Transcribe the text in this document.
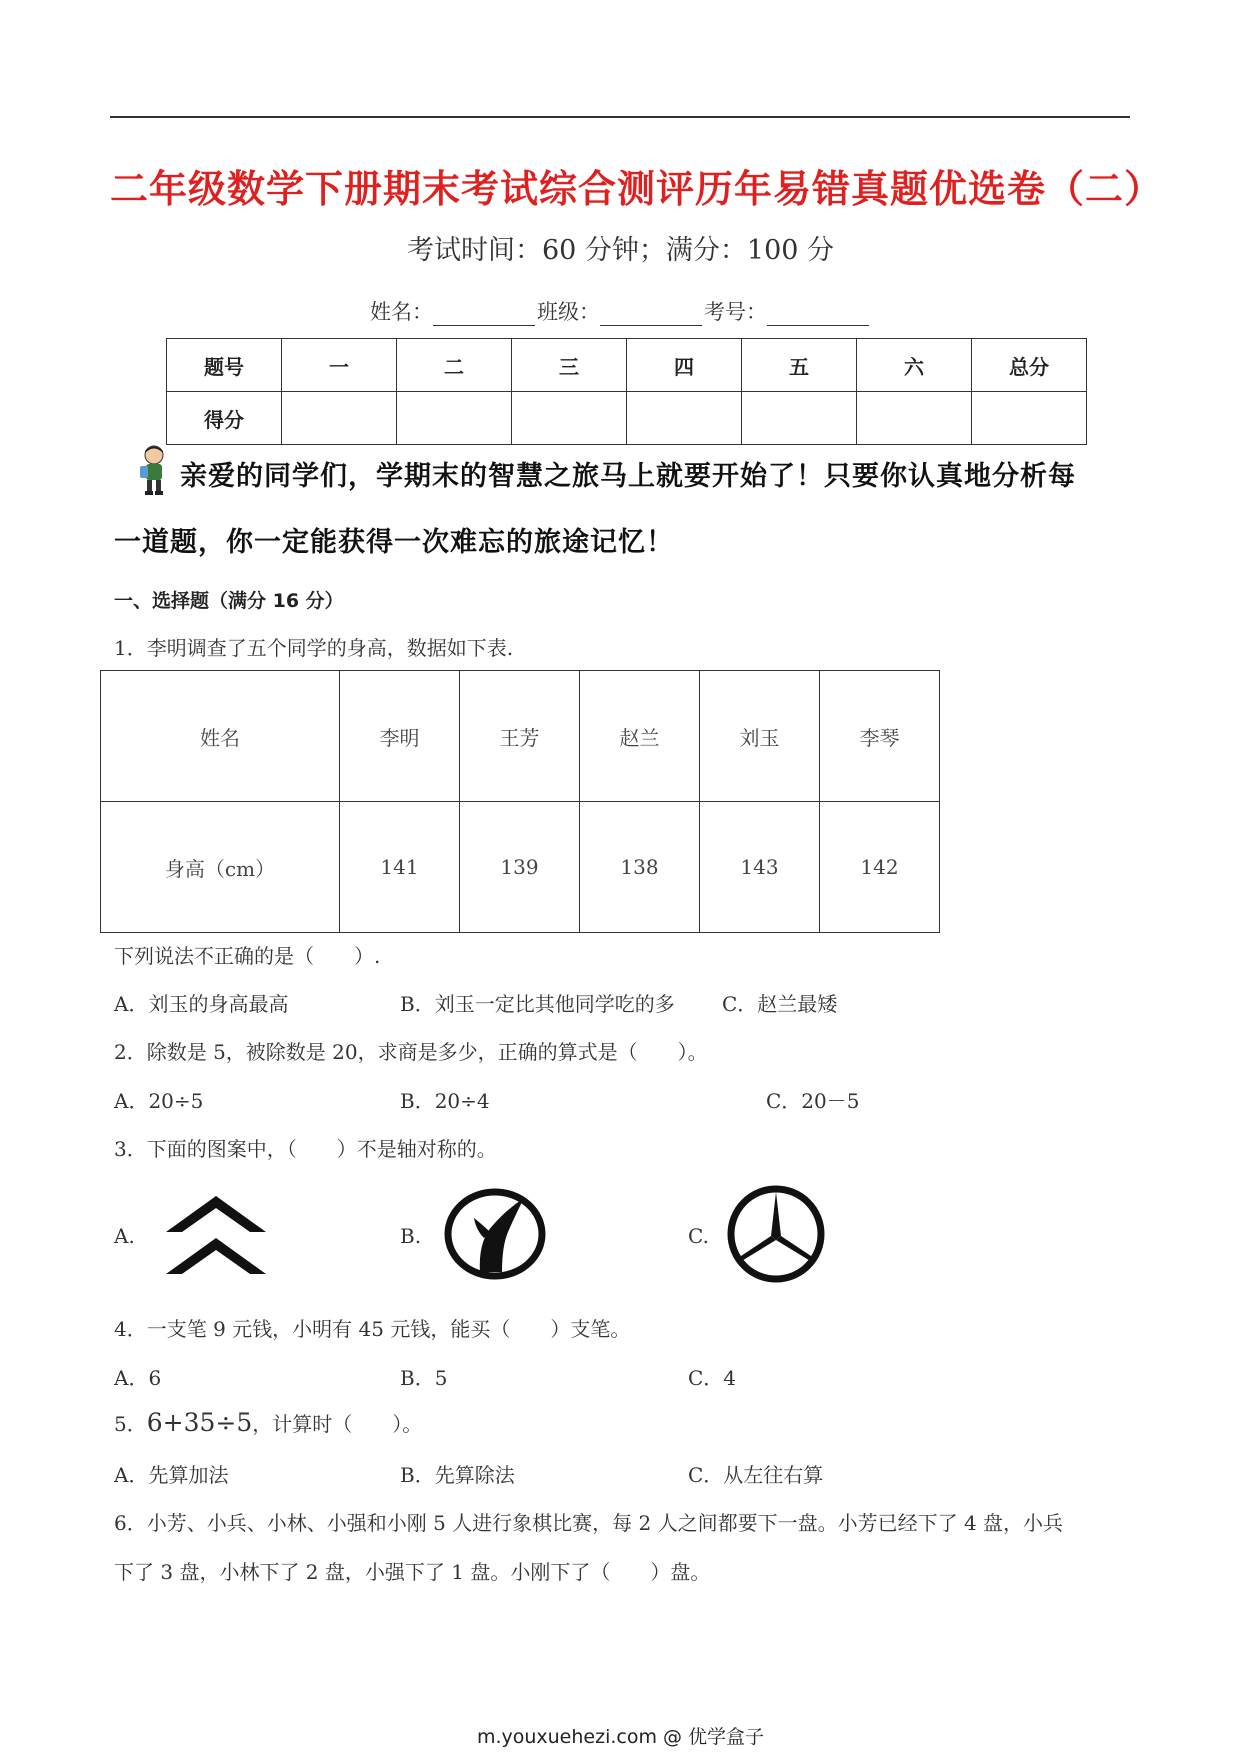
二年级数学下册期末考试综合测评历年易错真题优选卷（二）
考试时间：60 分钟；满分：100 分
姓名：	班级：	考号：
题号	一	二	三	四	五	六	总分
得分							
亲爱的同学们，学期末的智慧之旅马上就要开始了！只要你认真地分析每
一道题，你一定能获得一次难忘的旅途记忆！
一、选择题（满分 16 分）
1．李明调查了五个同学的身高，数据如下表.
姓名	李明	王芳	赵兰	刘玉	李琴
身高（cm）	141	139	138	143	142
下列说法不正确的是（　　）.
A．刘玉的身高最高	B．刘玉一定比其他同学吃的多 C．赵兰最矮
2．除数是 5，被除数是 20，求商是多少，正确的算式是（　　）。
A．20÷5	B．20÷4	C．20－5
3．下面的图案中，（　　）不是轴对称的。
A.	B.	C.
4．一支笔 9 元钱，小明有 45 元钱，能买（　　）支笔。
A．6	B．5	C．4
5．6+35÷5，计算时（　　）。
A．先算加法	B．先算除法	C．从左往右算
6．小芳、小兵、小林、小强和小刚 5 人进行象棋比赛，每 2 人之间都要下一盘。小芳已经下了 4 盘，小兵
下了 3 盘，小林下了 2 盘，小强下了 1 盘。小刚下了（　　）盘。
m.youxuehezi.com @ 优学盒子
